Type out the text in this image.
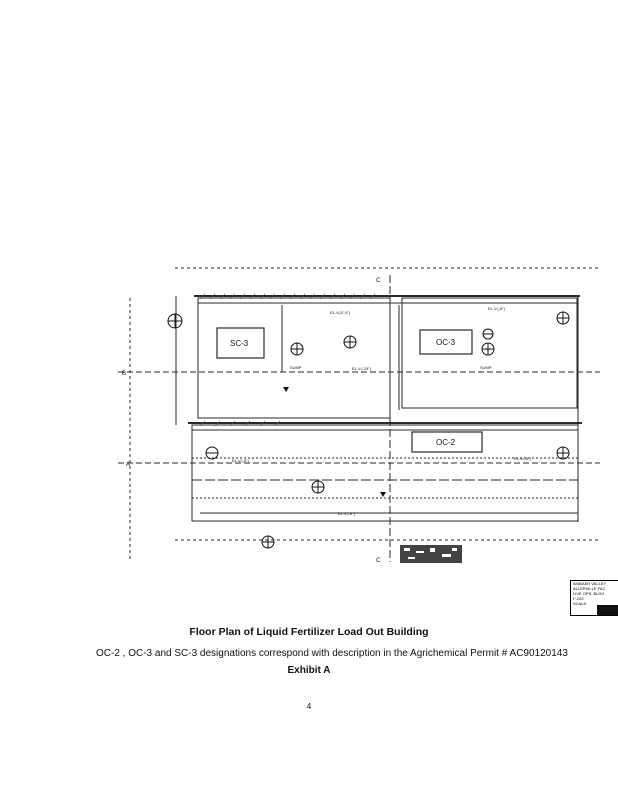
SC-3	OC-3
OC-2
SUMP	SUMP
C
C
A
B
EL.V.(-8")
EL.V.(-24")
EL.V.(0'-0")
EL.V.(-8")	EL.V.(-8")
EL.V.(-8")
WABASH VALLEY
ALLERVILLE FAC
LIVE OPS. BLDG
F-103
SCALE:
Floor Plan of Liquid Fertilizer Load Out Building
OC-2 , OC-3 and SC-3 designations correspond with description in the Agrichemical Permit # AC90120143
Exhibit A
4
